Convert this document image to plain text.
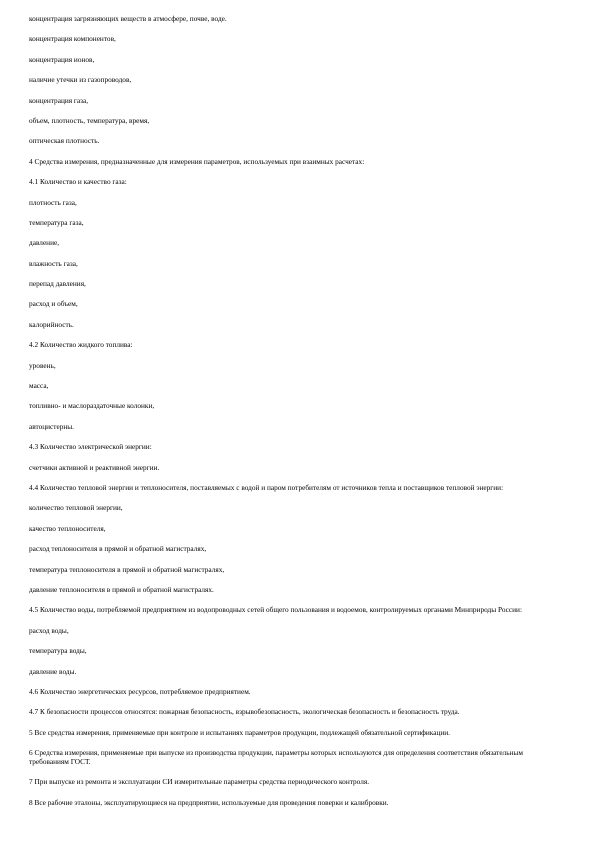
концентрация загрязняющих веществ в атмосфере, почве, воде.
концентрация компонентов,
концентрация ионов,
наличие утечки из газопроводов,
концентрация газа,
объем, плотность, температура, время,
оптическая плотность.
4 Средства измерения, предназначенные для измерения параметров, используемых при взаимных расчетах:
4.1 Количество и качество газа:
плотность газа,
температура газа,
давление,
влажность газа,
перепад давления,
расход и объем,
калорийность.
4.2 Количество жидкого топлива:
уровень,
масса,
топливно- и маслораздаточные колонки,
автоцистерны.
4.3 Количество электрической энергии:
счетчики активной и реактивной энергии.
4.4 Количество тепловой энергии и теплоносителя, поставляемых с водой и паром потребителям от источников тепла и поставщиков тепловой энергии:
количество тепловой энергии,
качество теплоносителя,
расход теплоносителя в прямой и обратной магистралях,
температура теплоносителя в прямой и обратной магистралях,
давление теплоносителя в прямой и обратной магистралях.
4.5 Количество воды, потребляемой предприятием из водопроводных сетей общего пользования и водоемов, контролируемых органами Минприроды России:
расход воды,
температура воды,
давление воды.
4.6 Количество энергетических ресурсов, потребляемое предприятием.
4.7 К безопасности процессов относятся: пожарная безопасность, взрывобезопасность, экологическая безопасность и безопасность труда.
5 Все средства измерения, применяемые при контроле и испытаниях параметров продукции, подлежащей обязательной сертификации.
6 Средства измерения, применяемые при выпуске из производства продукции, параметры которых используются для определения соответствия обязательным требованиям ГОСТ.
7 При выпуске из ремонта и эксплуатации СИ измерительные параметры средства периодического контроля.
8 Все рабочие эталоны, эксплуатирующиеся на предприятии, используемые для проведения поверки и калибровки.
